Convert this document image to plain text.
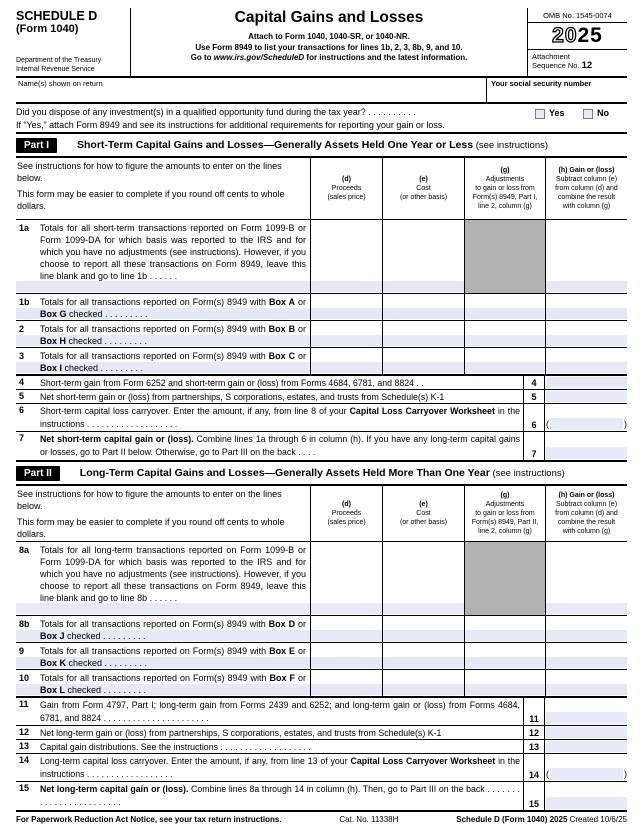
SCHEDULE D
(Form 1040)
Department of the Treasury
Internal Revenue Service
Capital Gains and Losses
Attach to Form 1040, 1040-SR, or 1040-NR.
Use Form 8949 to list your transactions for lines 1b, 2, 3, 8b, 9, and 10.
Go to www.irs.gov/ScheduleD for instructions and the latest information.
OMB No. 1545-0074
2025
Attachment
Sequence No. 12
Name(s) shown on return	Your social security number
Did you dispose of any investment(s) in a qualified opportunity fund during the tax year? . . . . . . . . . .	Yes	No
If “Yes,” attach Form 8949 and see its instructions for additional requirements for reporting your gain or loss.
Part I	Short-Term Capital Gains and Losses—Generally Assets Held One Year or Less (see instructions)

See instructions for how to figure the amounts to enter on the lines below.

This form may be easier to complete if you round off cents to whole dollars.

(d)
Proceeds
(sales price)
(e)
Cost
(or other basis)
(g)
Adjustments
to gain or loss from
Form(s) 8949, Part I,
line 2, column (g)
(h) Gain or (loss)
Subtract column (e)
from column (d) and
combine the result
with column (g)
1a Totals for all short-term transactions reported on Form 1099-B or Form 1099-DA for which basis was reported to the IRS and for which you have no adjustments (see instructions). However, if you choose to report all these transactions on Form 8949, leave this line blank and go to line 1b . . . . . .
1b Totals for all transactions reported on Form(s) 8949 with Box A or Box G checked . . . . . . . . .
2 Totals for all transactions reported on Form(s) 8949 with Box B or Box H checked . . . . . . . . .
3 Totals for all transactions reported on Form(s) 8949 with Box C or Box I checked . . . . . . . . .
4 Short-term gain from Form 6252 and short-term gain or (loss) from Forms 4684, 6781, and 8824 . .	4
5 Net short-term gain or (loss) from partnerships, S corporations, estates, and trusts from Schedule(s) K-1	5
6 Short-term capital loss carryover. Enter the amount, if any, from line 8 of your Capital Loss Carryover Worksheet in the instructions . . . . . . . . . . . . . . . . . . .	6	(	)
7 Net short-term capital gain or (loss). Combine lines 1a through 6 in column (h). If you have any long-term capital gains or losses, go to Part II below. Otherwise, go to Part III on the back . . . .	7
Part II	Long-Term Capital Gains and Losses—Generally Assets Held More Than One Year (see instructions)

See instructions for how to figure the amounts to enter on the lines below.

This form may be easier to complete if you round off cents to whole dollars.

(d)
Proceeds
(sales price)
(e)
Cost
(or other basis)
(g)
Adjustments
to gain or loss from
Form(s) 8949, Part II,
line 2, column (g)
(h) Gain or (loss)
Subtract column (e)
from column (d) and
combine the result
with column (g)
8a Totals for all long-term transactions reported on Form 1099-B or Form 1099-DA for which basis was reported to the IRS and for which you have no adjustments (see instructions). However, if you choose to report all these transactions on Form 8949, leave this line blank and go to line 8b . . . . . .
8b Totals for all transactions reported on Form(s) 8949 with Box D or Box J checked . . . . . . . . .
9 Totals for all transactions reported on Form(s) 8949 with Box E or Box K checked . . . . . . . . .
10 Totals for all transactions reported on Form(s) 8949 with Box F or Box L checked . . . . . . . . .
11 Gain from Form 4797, Part I; long-term gain from Forms 2439 and 6252; and long-term gain or (loss) from Forms 4684, 6781, and 8824 . . . . . . . . . . . . . . . . . . . . . .	11
12 Net long-term gain or (loss) from partnerships, S corporations, estates, and trusts from Schedule(s) K-1	12
13 Capital gain distributions. See the instructions . . . . . . . . . . . . . . . . . . .	13
14 Long-term capital loss carryover. Enter the amount, if any, from line 13 of your Capital Loss Carryover Worksheet in the instructions . . . . . . . . . . . . . . . . . .	14 (	)
15 Net long-term capital gain or (loss). Combine lines 8a through 14 in column (h). Then, go to Part III on the back . . . . . . . . . . . . . . . . . . . . . . . .	15
For Paperwork Reduction Act Notice, see your tax return instructions.	Cat. No. 11338H	Schedule D (Form 1040) 2025 Created 10/6/25
